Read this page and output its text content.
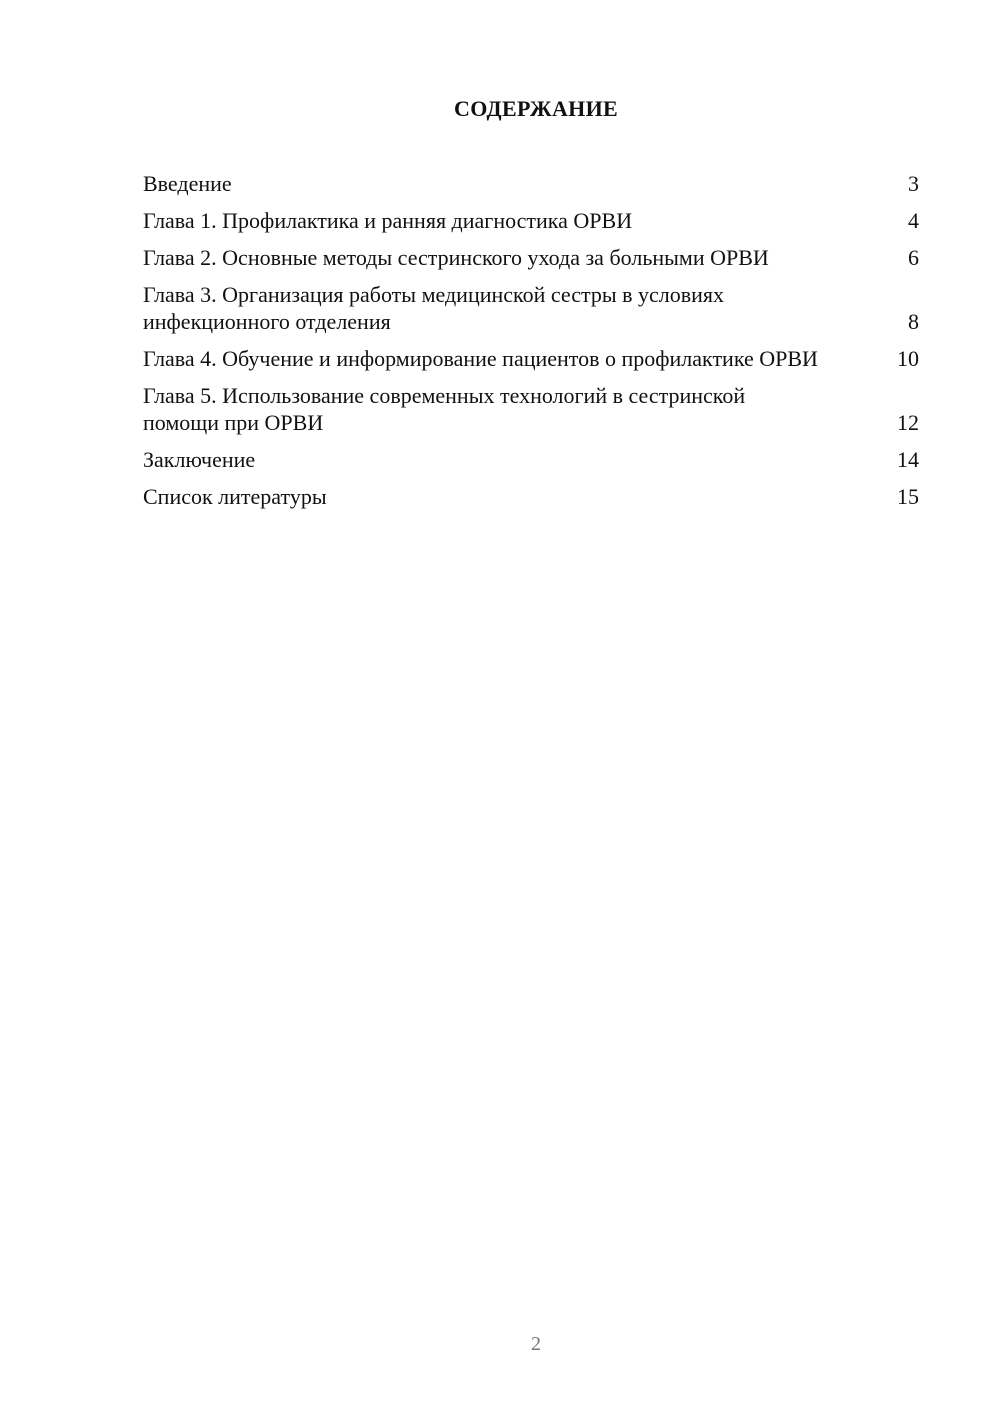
СОДЕРЖАНИЕ
Введение	3
Глава 1. Профилактика и ранняя диагностика ОРВИ	4
Глава 2. Основные методы сестринского ухода за больными ОРВИ	6
Глава 3. Организация работы медицинской сестры в условиях инфекционного отделения	8
Глава 4. Обучение и информирование пациентов о профилактике ОРВИ	10
Глава 5. Использование современных технологий в сестринской помощи при ОРВИ	12
Заключение	14
Список литературы	15
2
